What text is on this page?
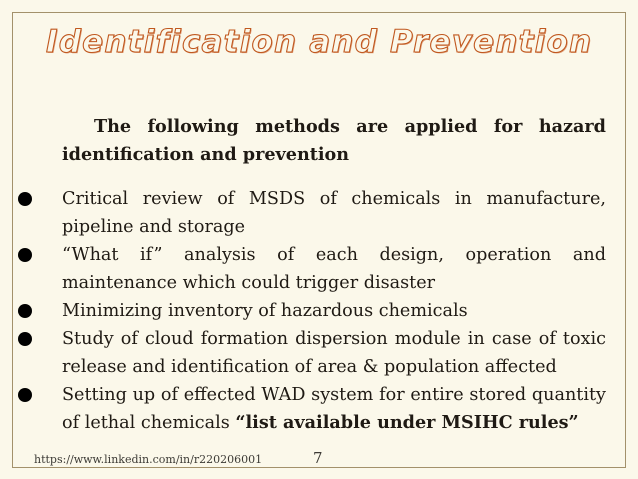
Identification and Prevention
The following methods are applied for hazard
identification and prevention
Critical review of MSDS of chemicals in manufacture,
pipeline and storage
“What if” analysis of each design, operation and
maintenance which could trigger disaster
Minimizing inventory of hazardous chemicals
Study of cloud formation dispersion module in case of toxic
release and identification of area & population affected
Setting up of effected WAD system for entire stored quantity
of lethal chemicals “list available under MSIHC rules”
https://www.linkedin.com/in/r220206001	7
